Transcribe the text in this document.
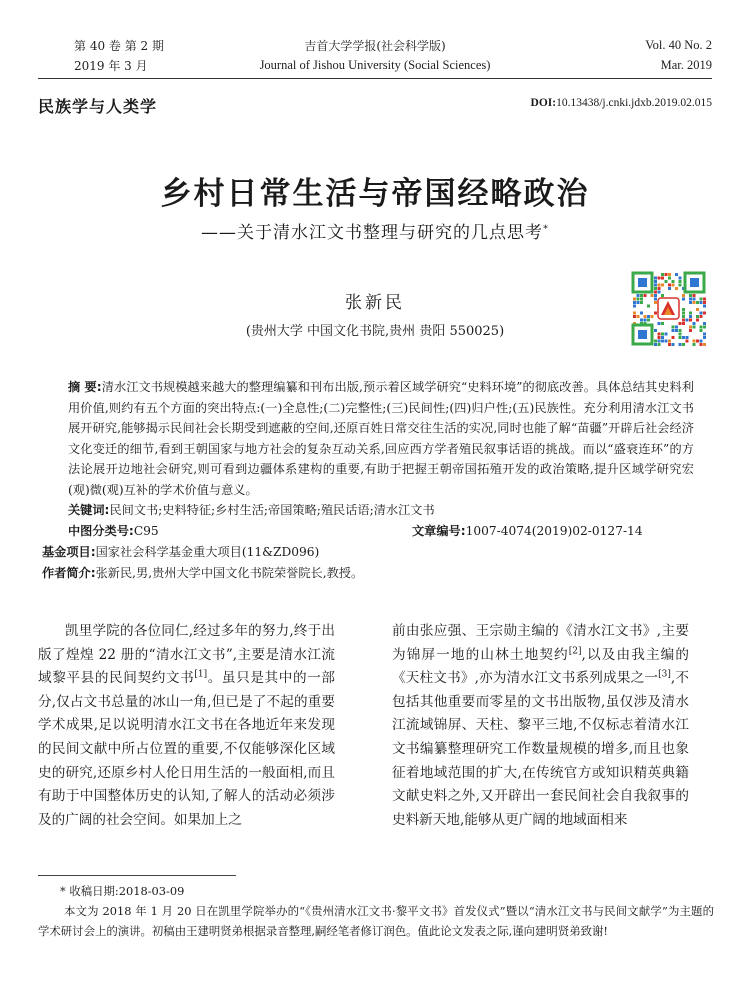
第 40 卷 第 2 期
2019 年 3 月
吉首大学学报(社会科学版)
Journal of Jishou University (Social Sciences)
Vol. 40 No. 2
Mar. 2019
民族学与人类学	DOI:10.13438/j.cnki.jdxb.2019.02.015
乡村日常生活与帝国经略政治
——关于清水江文书整理与研究的几点思考*
张新民
(贵州大学 中国文化书院,贵州 贵阳 550025)
摘 要:清水江文书规模越来越大的整理编纂和刊布出版,预示着区域学研究“史料环境”的彻底改善。具体总结其史料利用价值,则约有五个方面的突出特点:(一)全息性;(二)完整性;(三)民间性;(四)归户性;(五)民族性。充分利用清水江文书展开研究,能够揭示民间社会长期受到遮蔽的空间,还原百姓日常交往生活的实况,同时也能了解“苗疆”开辟后社会经济文化变迁的细节,看到王朝国家与地方社会的复杂互动关系,回应西方学者殖民叙事话语的挑战。而以“盛衰连环”的方法论展开边地社会研究,则可看到边疆体系建构的重要,有助于把握王朝帝国拓殖开发的政治策略,提升区域学研究宏(观)微(观)互补的学术价值与意义。
关键词:民间文书;史料特征;乡村生活;帝国策略;殖民话语;清水江文书
中图分类号:C95	文章编号:1007-4074(2019)02-0127-14
基金项目:国家社会科学基金重大项目(11&ZD096)
作者简介:张新民,男,贵州大学中国文化书院荣誉院长,教授。
凯里学院的各位同仁,经过多年的努力,终于出版了煌煌 22 册的“清水江文书”,主要是清水江流域黎平县的民间契约文书[1]。虽只是其中的一部分,仅占文书总量的冰山一角,但已是了不起的重要学术成果,足以说明清水江文书在各地近年来发现的民间文献中所占位置的重要,不仅能够深化区域史的研究,还原乡村人伦日用生活的一般面相,而且有助于中国整体历史的认知,了解人的活动必须涉及的广阔的社会空间。如果加上之
前由张应强、王宗勋主编的《清水江文书》,主要为锦屏一地的山林土地契约[2],以及由我主编的《天柱文书》,亦为清水江文书系列成果之一[3],不包括其他重要而零星的文书出版物,虽仅涉及清水江流域锦屏、天柱、黎平三地,不仅标志着清水江文书编纂整理研究工作数量规模的增多,而且也象征着地域范围的扩大,在传统官方或知识精英典籍文献史料之外,又开辟出一套民间社会自我叙事的史料新天地,能够从更广阔的地域面相来
* 收稿日期:2018-03-09
本文为 2018 年 1 月 20 日在凯里学院举办的“《贵州清水江文书·黎平文书》首发仪式”暨以“清水江文书与民间文献学”为主题的学术研讨会上的演讲。初稿由王建明贤弟根据录音整理,嗣经笔者修订润色。值此论文发表之际,谨向建明贤弟致谢!
